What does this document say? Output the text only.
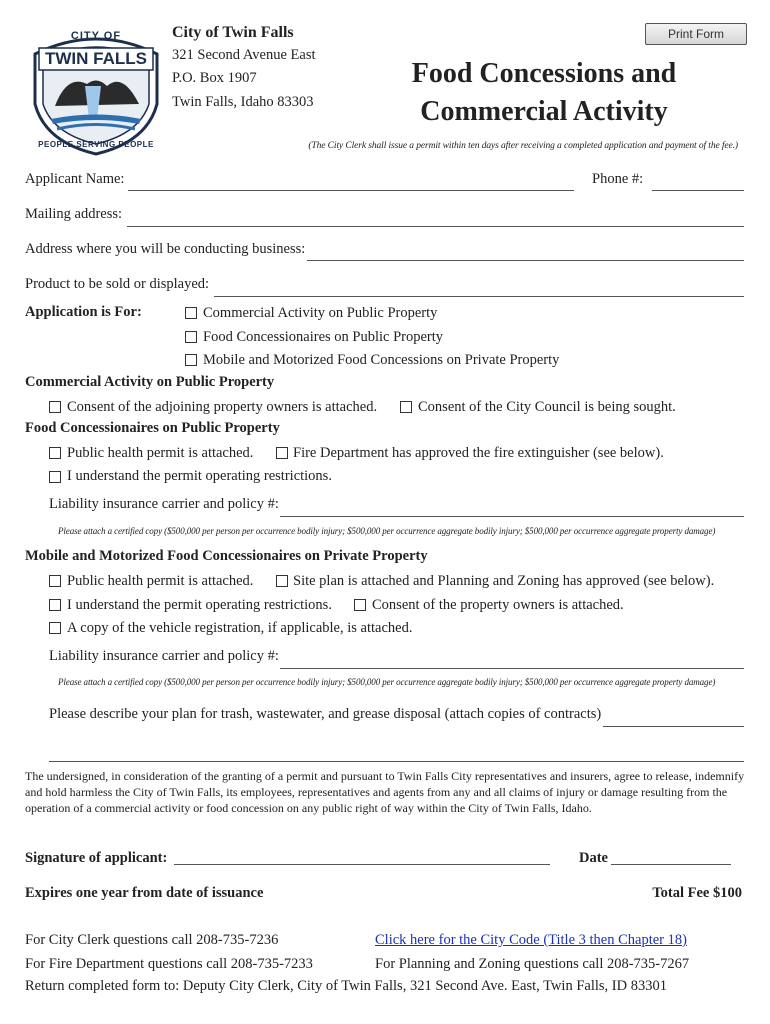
CITY OF
TWIN FALLS
PEOPLE SERVING PEOPLE
City of Twin Falls
321 Second Avenue East
P.O. Box 1907
Twin Falls, Idaho 83303
Print Form
Food Concessions and
Commercial Activity
(The City Clerk shall issue a permit within ten days after receiving a completed application and payment of the fee.)
Applicant Name:	Phone #:
Mailing address:
Address where you will be conducting business:
Product to be sold or displayed:
Application is For:	Commercial Activity on Public Property
Food Concessionaires on Public Property
Mobile and Motorized Food Concessions on Private Property
Commercial Activity on Public Property
Consent of the adjoining property owners is attached.	Consent of the City Council is being sought.
Food Concessionaires on Public Property
Public health permit is attached.	Fire Department has approved the fire extinguisher (see below).
I understand the permit operating restrictions.
Liability insurance carrier and policy #:
Please attach a certified copy ($500,000 per person per occurrence bodily injury; $500,000 per occurrence aggregate bodily injury; $500,000 per occurrence aggregate property damage)
Mobile and Motorized Food Concessionaires on Private Property
Public health permit is attached.	Site plan is attached and Planning and Zoning has approved (see below).
I understand the permit operating restrictions.	Consent of the property owners is attached.
A copy of the vehicle registration, if applicable, is attached.
Liability insurance carrier and policy #:
Please attach a certified copy ($500,000 per person per occurrence bodily injury; $500,000 per occurrence aggregate bodily injury; $500,000 per occurrence aggregate property damage)
Please describe your plan for trash, wastewater, and grease disposal (attach copies of contracts)
The undersigned, in consideration of the granting of a permit and pursuant to Twin Falls City representatives and insurers, agree to release, indemnify and hold harmless the City of Twin Falls, its employees, representatives and agents from any and all claims of injury or damage resulting from the operation of a commercial activity or food concession on any public right of way within the City of Twin Falls, Idaho.
Signature of applicant:	Date
Expires one year from date of issuance	Total Fee $100
For City Clerk questions call 208-735-7236	Click here for the City Code (Title 3 then Chapter 18)
For Fire Department questions call 208-735-7233	For Planning and Zoning questions call 208-735-7267
Return completed form to: Deputy City Clerk, City of Twin Falls, 321 Second Ave. East, Twin Falls, ID 83301
